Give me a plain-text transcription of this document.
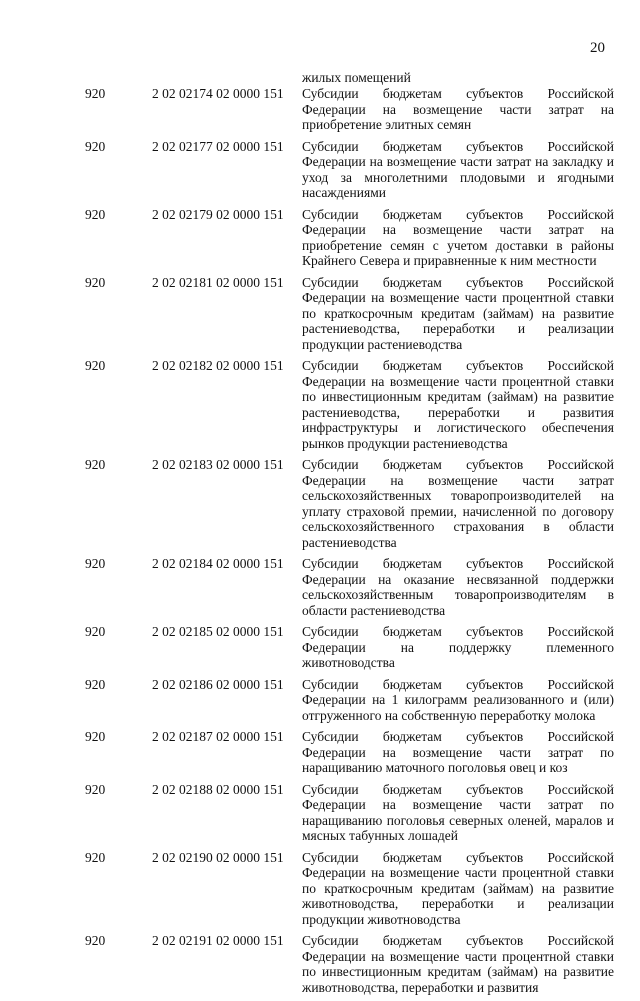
20
жилых помещений
920	2 02 02174 02 0000 151 Субсидии бюджетам субъектов Российской Федерации на возмещение части затрат на приобретение элитных семян
920	2 02 02177 02 0000 151 Субсидии бюджетам субъектов Российской Федерации на возмещение части затрат на закладку и уход за многолетними плодовыми и ягодными насаждениями
920	2 02 02179 02 0000 151 Субсидии бюджетам субъектов Российской Федерации на возмещение части затрат на приобретение семян с учетом доставки в районы Крайнего Севера и приравненные к ним местности
920	2 02 02181 02 0000 151 Субсидии бюджетам субъектов Российской Федерации на возмещение части процентной ставки по краткосрочным кредитам (займам) на развитие растениеводства, переработки и реализации продукции растениеводства
920	2 02 02182 02 0000 151 Субсидии бюджетам субъектов Российской Федерации на возмещение части процентной ставки по инвестиционным кредитам (займам) на развитие растениеводства, переработки и развития инфраструктуры и логистического обеспечения рынков продукции растениеводства
920	2 02 02183 02 0000 151 Субсидии бюджетам субъектов Российской Федерации на возмещение части затрат сельскохозяйственных товаропроизводителей на уплату страховой премии, начисленной по договору сельскохозяйственного страхования в области растениеводства
920	2 02 02184 02 0000 151 Субсидии бюджетам субъектов Российской Федерации на оказание несвязанной поддержки сельскохозяйственным товаропроизводителям в области растениеводства
920	2 02 02185 02 0000 151 Субсидии бюджетам субъектов Российской Федерации на поддержку племенного животноводства
920	2 02 02186 02 0000 151 Субсидии бюджетам субъектов Российской Федерации на 1 килограмм реализованного и (или) отгруженного на собственную переработку молока
920	2 02 02187 02 0000 151 Субсидии бюджетам субъектов Российской Федерации на возмещение части затрат по наращиванию маточного поголовья овец и коз
920	2 02 02188 02 0000 151 Субсидии бюджетам субъектов Российской Федерации на возмещение части затрат по наращиванию поголовья северных оленей, маралов и мясных табунных лошадей
920	2 02 02190 02 0000 151 Субсидии бюджетам субъектов Российской Федерации на возмещение части процентной ставки по краткосрочным кредитам (займам) на развитие животноводства, переработки и реализации продукции животноводства
920	2 02 02191 02 0000 151 Субсидии бюджетам субъектов Российской Федерации на возмещение части процентной ставки по инвестиционным кредитам (займам) на развитие животноводства, переработки и развития
